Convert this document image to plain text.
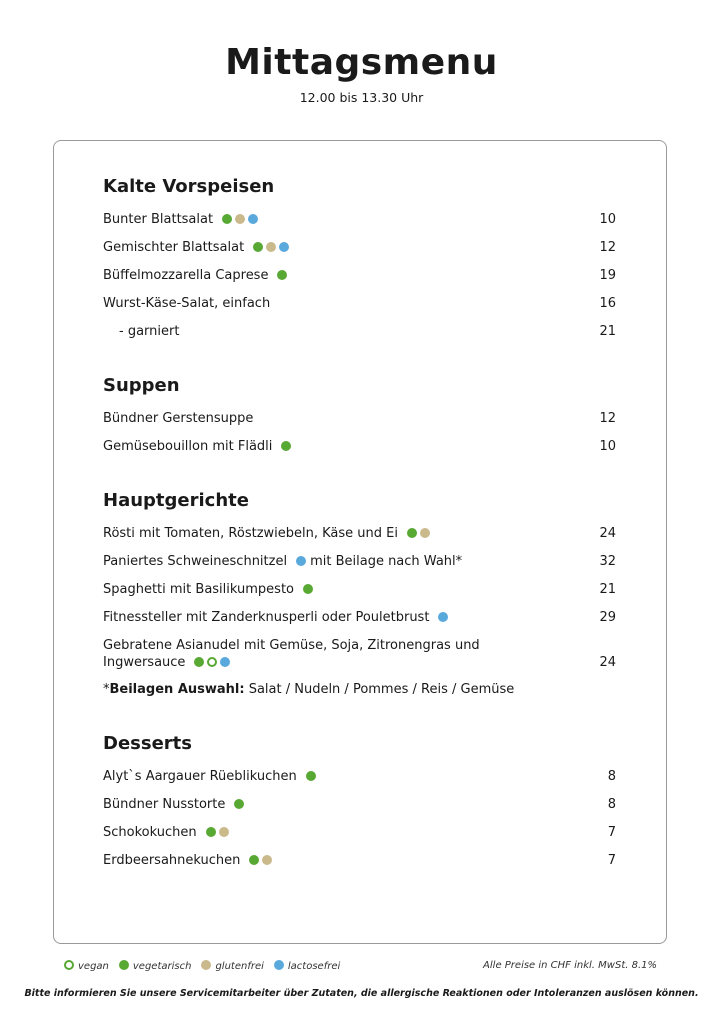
Mittagsmenu
12.00 bis 13.30 Uhr
Kalte Vorspeisen
Bunter Blattsalat	10
Gemischter Blattsalat	12
Büffelmozzarella Caprese	19
Wurst-Käse-Salat, einfach	16
- garniert	21
Suppen
Bündner Gerstensuppe	12
Gemüsebouillon mit Flädli	10
Hauptgerichte
Rösti mit Tomaten, Röstzwiebeln, Käse und Ei	24
Paniertes Schweineschnitzel mit Beilage nach Wahl*	32
Spaghetti mit Basilikumpesto	21
Fitnessteller mit Zanderknusperli oder Pouletbrust	29
Gebratene Asianudel mit Gemüse, Soja, Zitronengras und
Ingwersauce	24
*Beilagen Auswahl: Salat / Nudeln / Pommes / Reis / Gemüse
Desserts
Alyt`s Aargauer Rüeblikuchen	8
Bündner Nusstorte	8
Schokokuchen	7
Erdbeersahnekuchen	7
vegan	vegetarisch	glutenfrei	lactosefrei	Alle Preise in CHF inkl. MwSt. 8.1%
Bitte informieren Sie unsere Servicemitarbeiter über Zutaten, die allergische Reaktionen oder Intoleranzen auslösen können.
